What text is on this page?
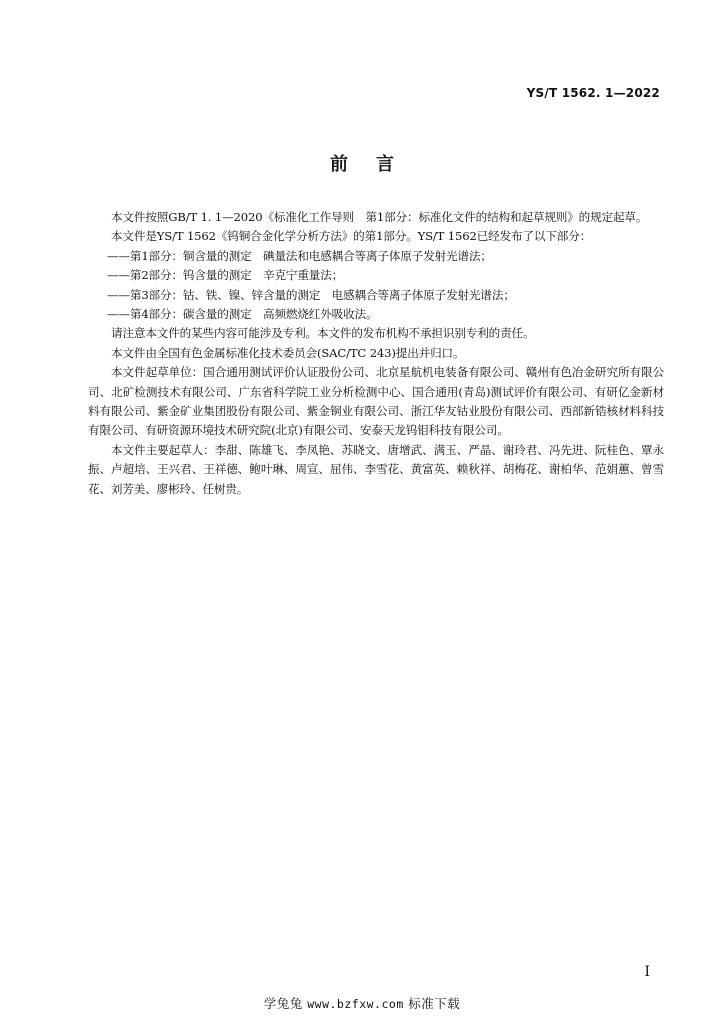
YS/T 1562. 1—2022
前言

本文件按照GB/T 1. 1—2020《标准化工作导则　第1部分：标准化文件的结构和起草规则》的规定起草。

本文件是YS/T 1562《钨铜合金化学分析方法》的第1部分。YS/T 1562已经发布了以下部分：

——第1部分：铜含量的测定　碘量法和电感耦合等离子体原子发射光谱法；

——第2部分：钨含量的测定　辛克宁重量法；

——第3部分：钴、铁、镍、锌含量的测定　电感耦合等离子体原子发射光谱法；

——第4部分：碳含量的测定　高频燃烧红外吸收法。

请注意本文件的某些内容可能涉及专利。本文件的发布机构不承担识别专利的责任。

本文件由全国有色金属标准化技术委员会(SAC/TC 243)提出并归口。

本文件起草单位：国合通用测试评价认证股份公司、北京星航机电装备有限公司、赣州有色冶金研究所有限公司、北矿检测技术有限公司、广东省科学院工业分析检测中心、国合通用(青岛)测试评价有限公司、有研亿金新材料有限公司、紫金矿业集团股份有限公司、紫金铜业有限公司、浙江华友钴业股份有限公司、西部新锆核材料科技有限公司、有研资源环境技术研究院(北京)有限公司、安泰天龙钨钼科技有限公司。

本文件主要起草人：李甜、陈雄飞、李凤艳、苏晓文、唐增武、满玉、严晶、谢玲君、冯先进、阮桂色、覃永振、卢超培、王兴君、王祥德、鲍叶琳、周宣、屈伟、李雪花、黄富英、赖秋祥、胡梅花、谢柏华、范娟蕙、曾雪花、刘芳美、廖彬玲、任树贵。

I
学兔兔 www.bzfxw.com 标准下载
